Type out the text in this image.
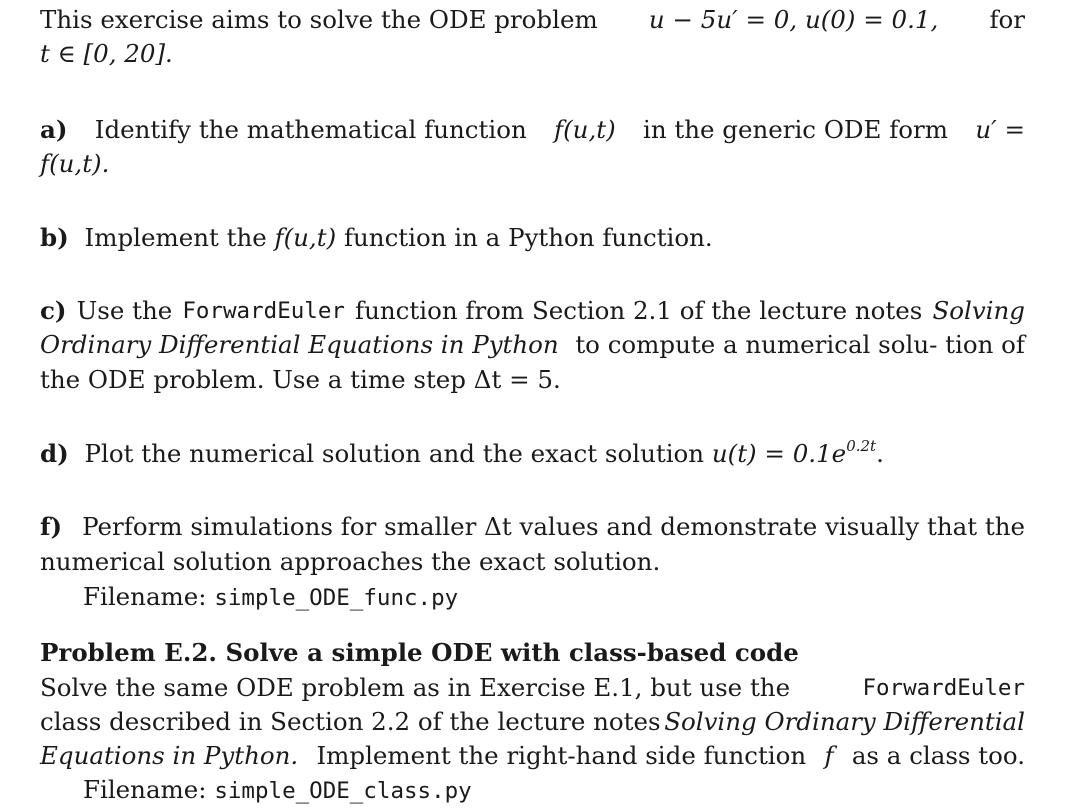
This exercise aims to solve the ODE problem u − 5u′ = 0, u(0) = 0.1, for
t ∈ [0, 20].
a) Identify the mathematical function f(u,t) in the generic ODE form u′ =
f(u,t).
b) Implement the f(u,t) function in a Python function.
c) Use the ForwardEuler function from Section 2.1 of the lecture notes Solving
Ordinary Differential Equations in Python to compute a numerical solu- tion of
the ODE problem. Use a time step Δt = 5.
d) Plot the numerical solution and the exact solution $u(t) = 0.1e^{0.2t}$.
f) Perform simulations for smaller Δt values and demonstrate visually that the
numerical solution approaches the exact solution.
Filename: simple_ODE_func.py
Problem E.2. Solve a simple ODE with class-based code
Solve the same ODE problem as in Exercise E.1, but use the	ForwardEuler
class described in Section 2.2 of the lecture notes Solving Ordinary Differential
Equations in Python. Implement the right-hand side function f as a class too.
Filename: simple_ODE_class.py
